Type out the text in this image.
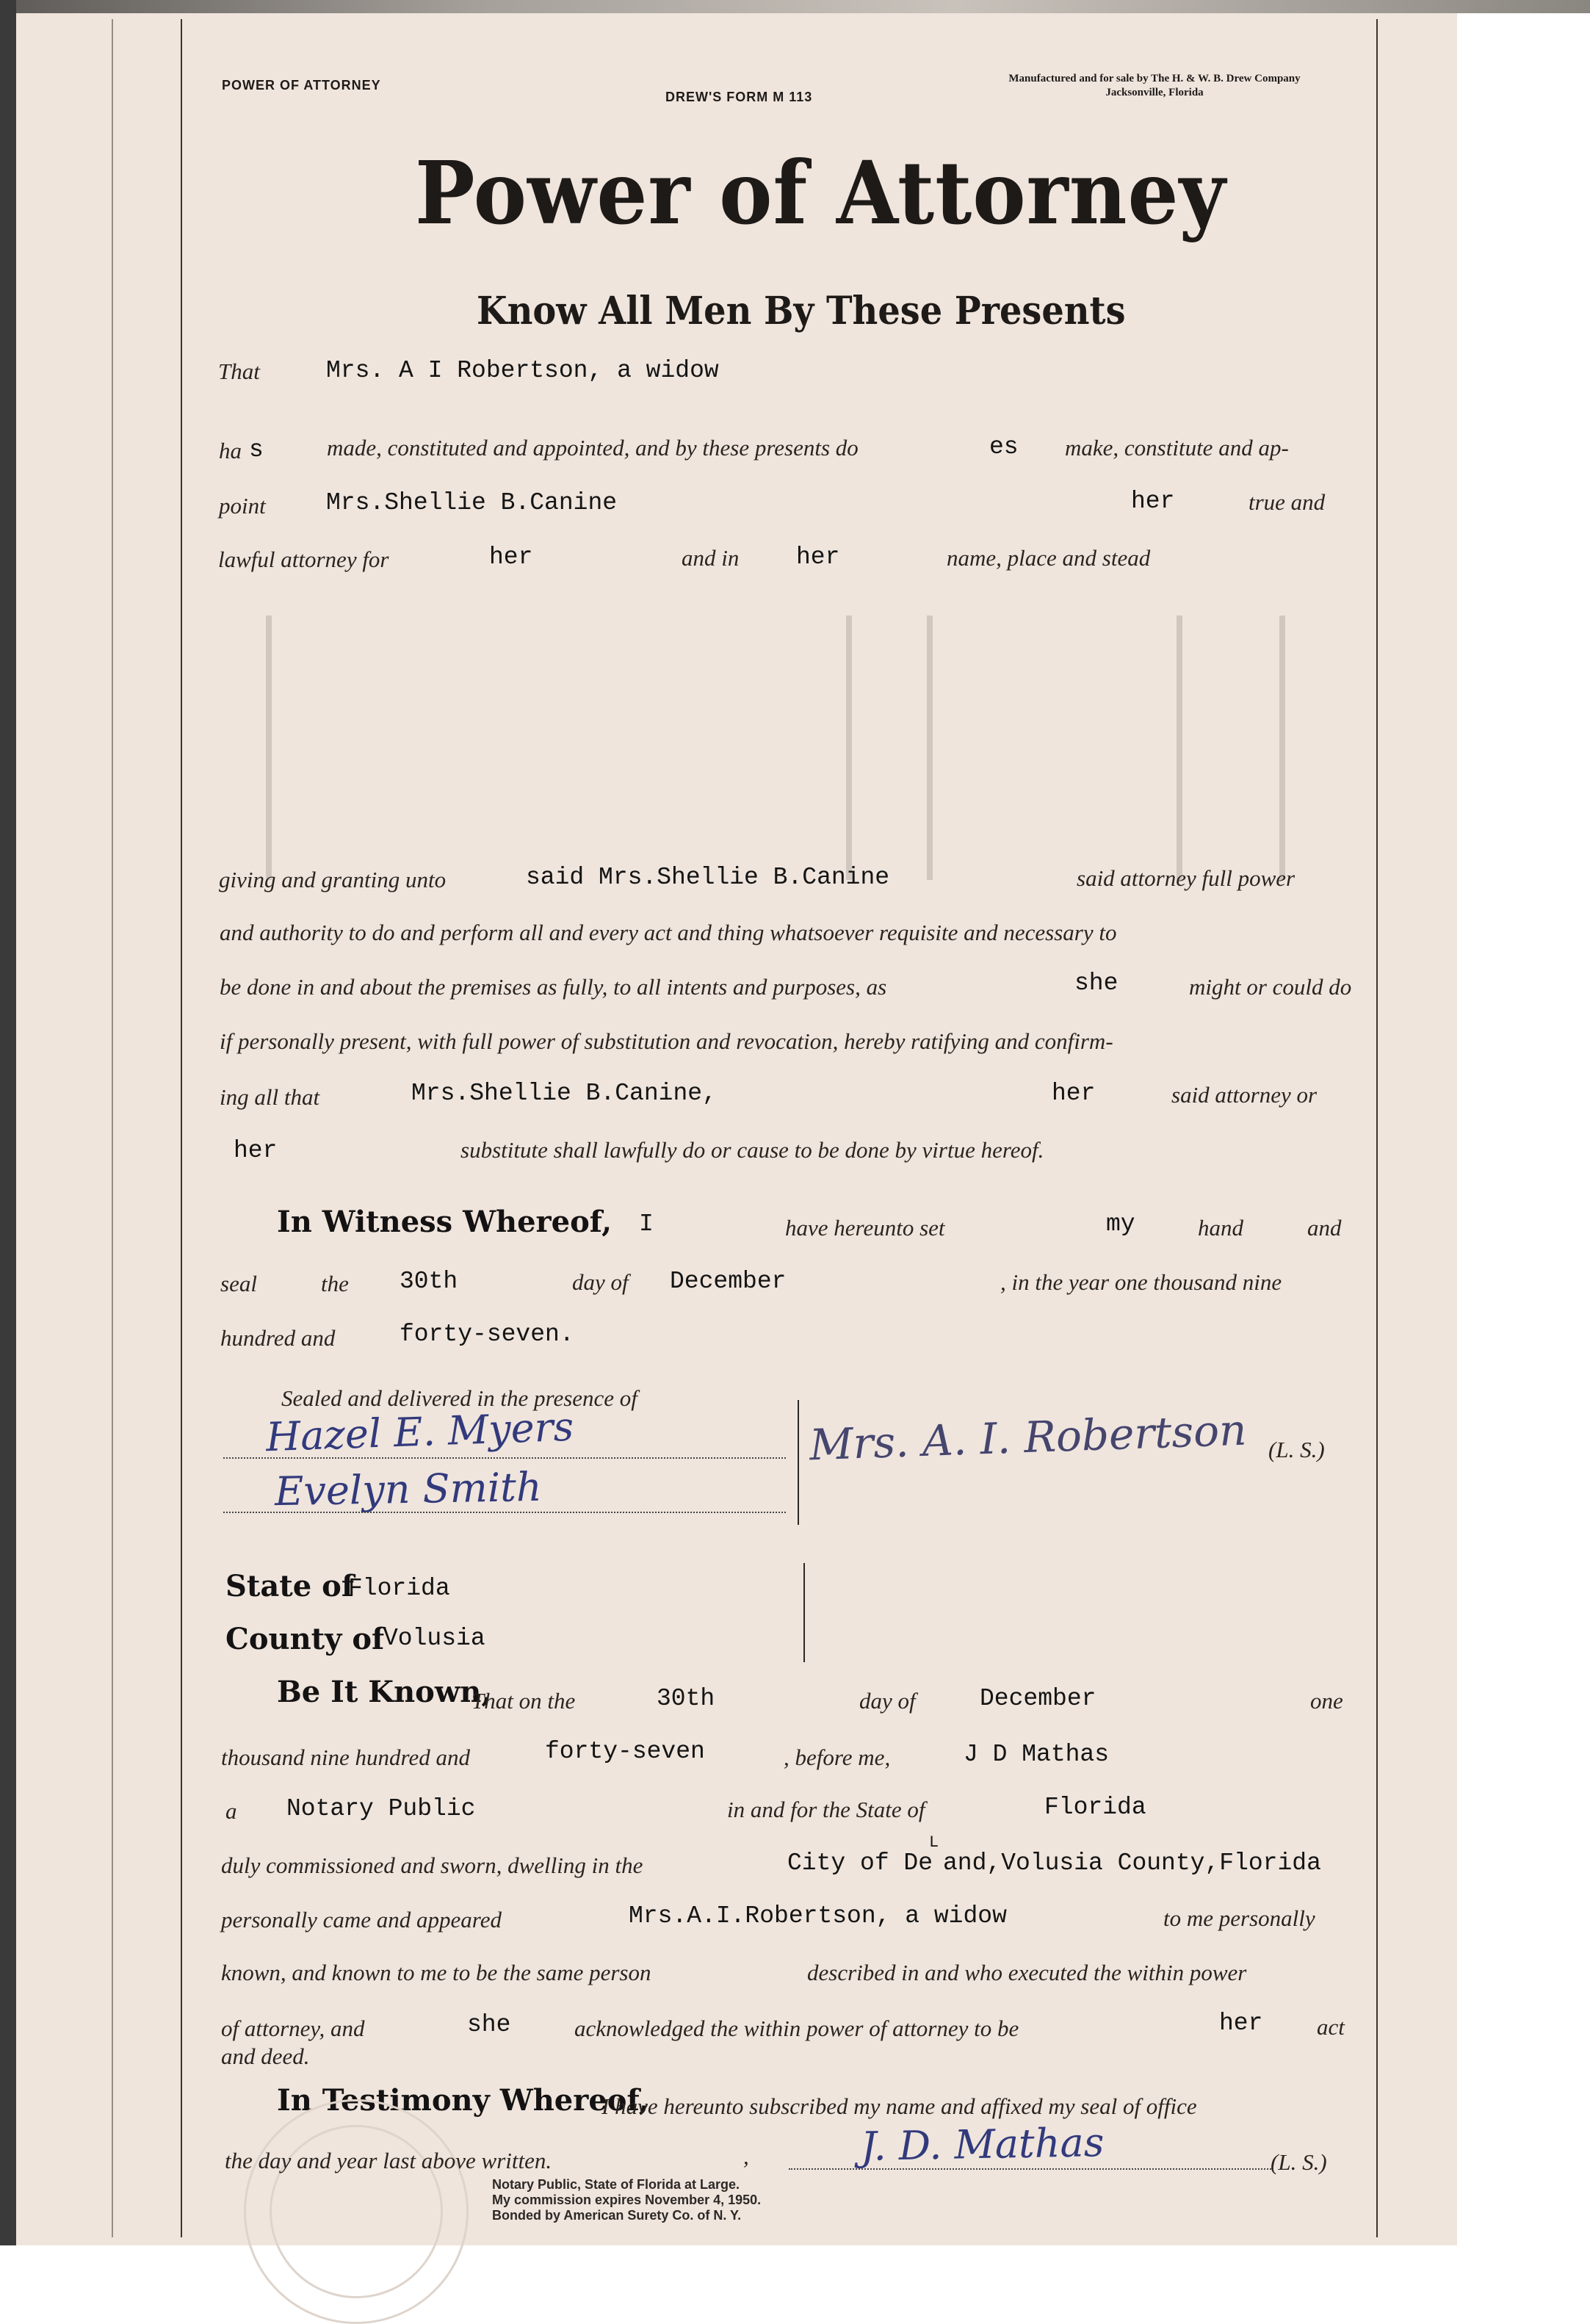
POWER OF ATTORNEY
DREW'S FORM M 113
Manufactured and for sale by The H. & W. B. Drew Company
Jacksonville, Florida
Power of Attorney
Know All Men By These Presents
That	Mrs. A I Robertson, a widow
ha s	made, constituted and appointed, and by these presents do	es make, constitute and ap-
point Mrs.Shellie B.Canine	her	true and
lawful attorney for	her	and in her	name, place and stead
giving and granting unto	said Mrs.Shellie B.Canine	said attorney full power
and authority to do and perform all and every act and thing whatsoever requisite and necessary to
be done in and about the premises as fully, to all intents and purposes, as	she	might or could do
if personally present, with full power of substitution and revocation, hereby ratifying and confirm-
ing all that	Mrs.Shellie B.Canine,	her	said attorney or
her	substitute shall lawfully do or cause to be done by virtue hereof.
In Witness Whereof, I	have hereunto set	my	hand	and
seal	the 30th	day of December	, in the year one thousand nine
hundred and	forty-seven.
Sealed and delivered in the presence of
Hazel E. Myers
Evelyn Smith
Mrs. A. I. Robertson (L. S.)
State of
Florida
County of
Volusia
Be It Known,
That on the	30th	day of	December	one
thousand nine hundred and	forty-seven	, before me,	J D Mathas
a Notary Public	in and for the State of	Florida
duly commissioned and sworn, dwelling in the	City of De
L
and,Volusia County,Florida
personally came and appeared	Mrs.A.I.Robertson, a widow	to me personally
known, and known to me to be the same person	described in and who executed the within power
of attorney, and	she	acknowledged the within power of attorney to be	her act
and deed.
In Testimony Whereof,
I have hereunto subscribed my name and affixed my seal of office
the day and year last above written.	,	J. D. Mathas	(L. S.)
Notary Public, State of Florida at Large.
My commission expires November 4, 1950.
Bonded by American Surety Co. of N. Y.
